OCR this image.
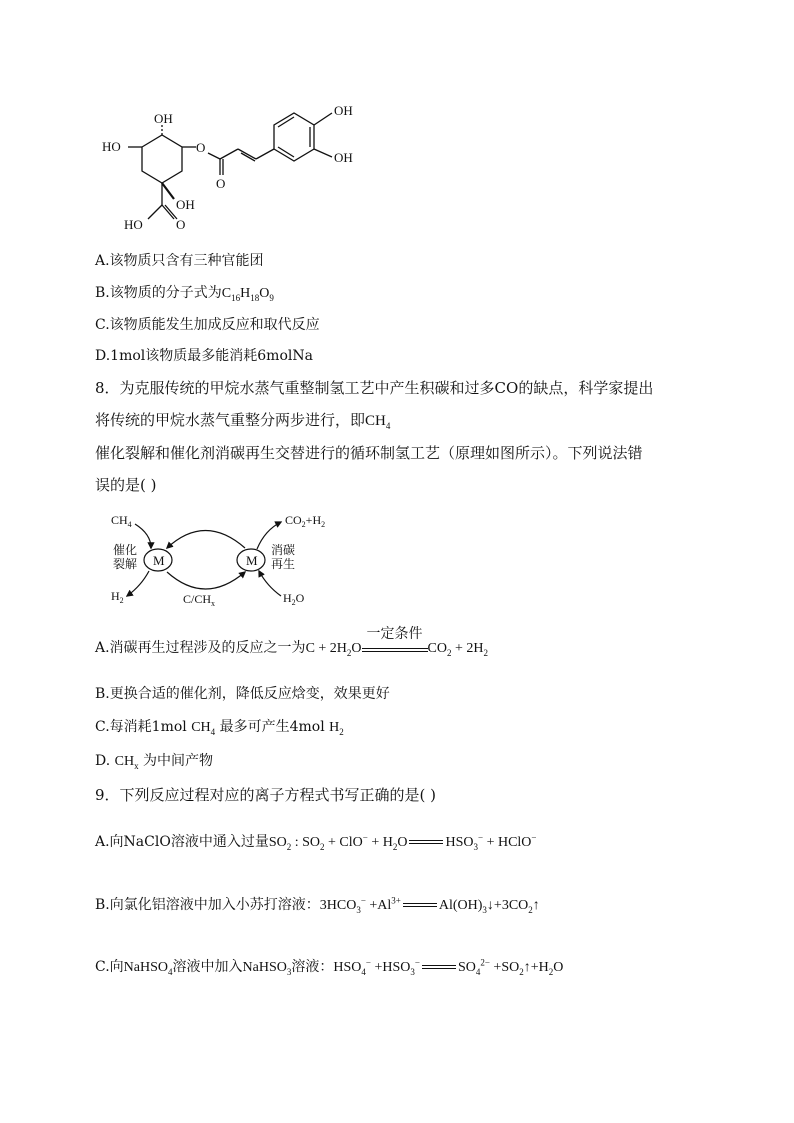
OH
HO	O
O
OH
HO	O
OH
OH
A.该物质只含有三种官能团
B.该物质的分子式为$C_{16}H_{18}O_9$
C.该物质能发生加成反应和取代反应
D.1mol该物质最多能消耗6molNa
8．为克服传统的甲烷水蒸气重整制氢工艺中产生积碳和过多CO的缺点，科学家提出
将传统的甲烷水蒸气重整分两步进行，即$CH_4$
催化裂解和催化剂消碳再生交替进行的循环制氢工艺（原理如图所示）。下列说法错
误的是( )
$CH_4$
催化
裂解 M	M
$H_2$	$C/CH_x$
$CO_2+H_2$
消碳
再生
$H_2O$
A.消碳再生过程涉及的反应之一为$C + 2H_2O$
一定条件
$CO_2 + 2H_2$
B.更换合适的催化剂，降低反应焓变，效果更好
C.每消耗1mol $CH_4$ 最多可产生4mol $H_2$
D. $CH_x$ 为中间产物
9．下列反应过程对应的离子方程式书写正确的是( )
A.向NaClO溶液中通入过量$SO_2$ : $SO_2 + ClO^- + H_2O$	$HSO_3^-$ + HClO−
B.向氯化铝溶液中加入小苏打溶液：$3HCO_3^- +Al^{3+}$	$Al(OH)_3↓+3CO_2↑$
C.向NaHSO$_4$溶液中加入NaHSO$_3$溶液：$HSO_4^- +HSO_3^-$	$SO_4^{2-}$ $+SO_2↑+H_2O$
